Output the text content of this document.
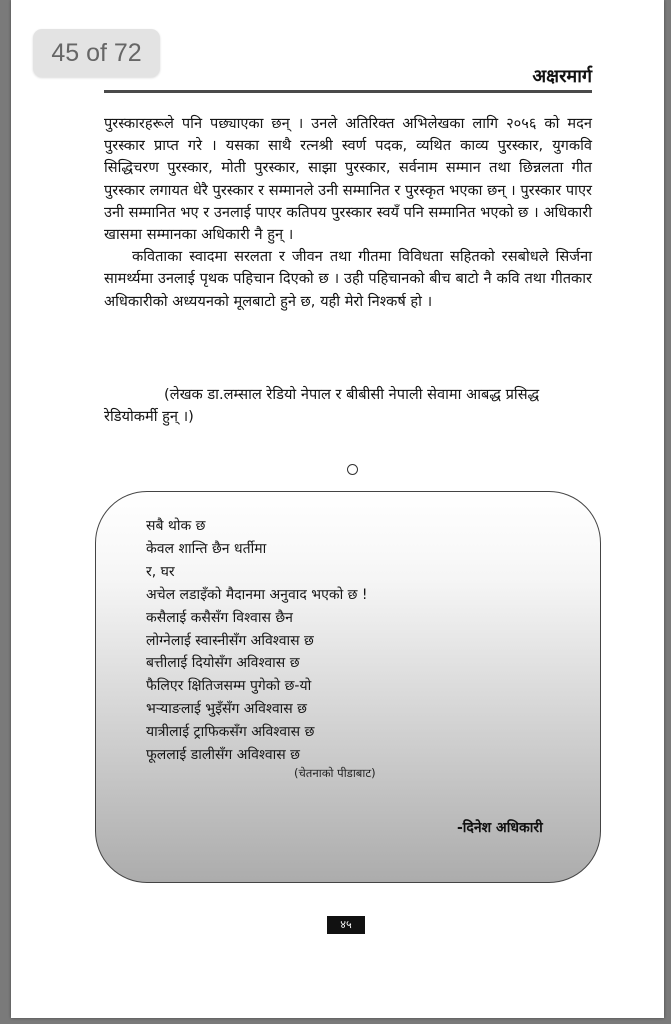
45 of 72
अक्षरमार्ग

पुरस्कारहरूले पनि पछ्याएका छन् । उनले अतिरिक्त अभिलेखका लागि २०५६ को मदन पुरस्कार प्राप्त गरे । यसका साथै रत्नश्री स्वर्ण पदक, व्यथित काव्य पुरस्कार, युगकवि सिद्धिचरण पुरस्कार, मोती पुरस्कार, साझा पुरस्कार, सर्वनाम सम्मान तथा छिन्नलता गीत पुरस्कार लगायत धेरै पुरस्कार र सम्मानले उनी सम्मानित र पुरस्कृत भएका छन् । पुरस्कार पाएर उनी सम्मानित भए र उनलाई पाएर कतिपय पुरस्कार स्वयँ पनि सम्मानित भएको छ । अधिकारी खासमा सम्मानका अधिकारी नै हुन् ।

कविताका स्वादमा सरलता र जीवन तथा गीतमा विविधता सहितको रसबोधले सिर्जना सामर्थ्यमा उनलाई पृथक पहिचान दिएको छ । उही पहिचानको बीच बाटो नै कवि तथा गीतकार अधिकारीको अध्ययनको मूलबाटो हुने छ, यही मेरो निश्कर्ष हो ।

(लेखक डा.लम्साल रेडियो नेपाल र बीबीसी नेपाली सेवामा आबद्ध प्रसिद्ध रेडियोकर्मी हुन् ।)

सबै थोक छ
केवल शान्ति छैन धर्तीमा
र, घर
अचेल लडाइँको मैदानमा अनुवाद भएको छ !
कसैलाई कसैसँग विश्वास छैन
लोग्नेलाई स्वास्नीसँग अविश्वास छ
बत्तीलाई दियोसँग अविश्वास छ
फैलिएर क्षितिजसम्म पुगेको छ-यो
भऱ्याङलाई भुइँसँग अविश्वास छ
यात्रीलाई ट्राफिकसँग अविश्वास छ
फूललाई डालीसँग अविश्वास छ
(चेतनाको पीडाबाट)
-दिनेश अधिकारी
४५
